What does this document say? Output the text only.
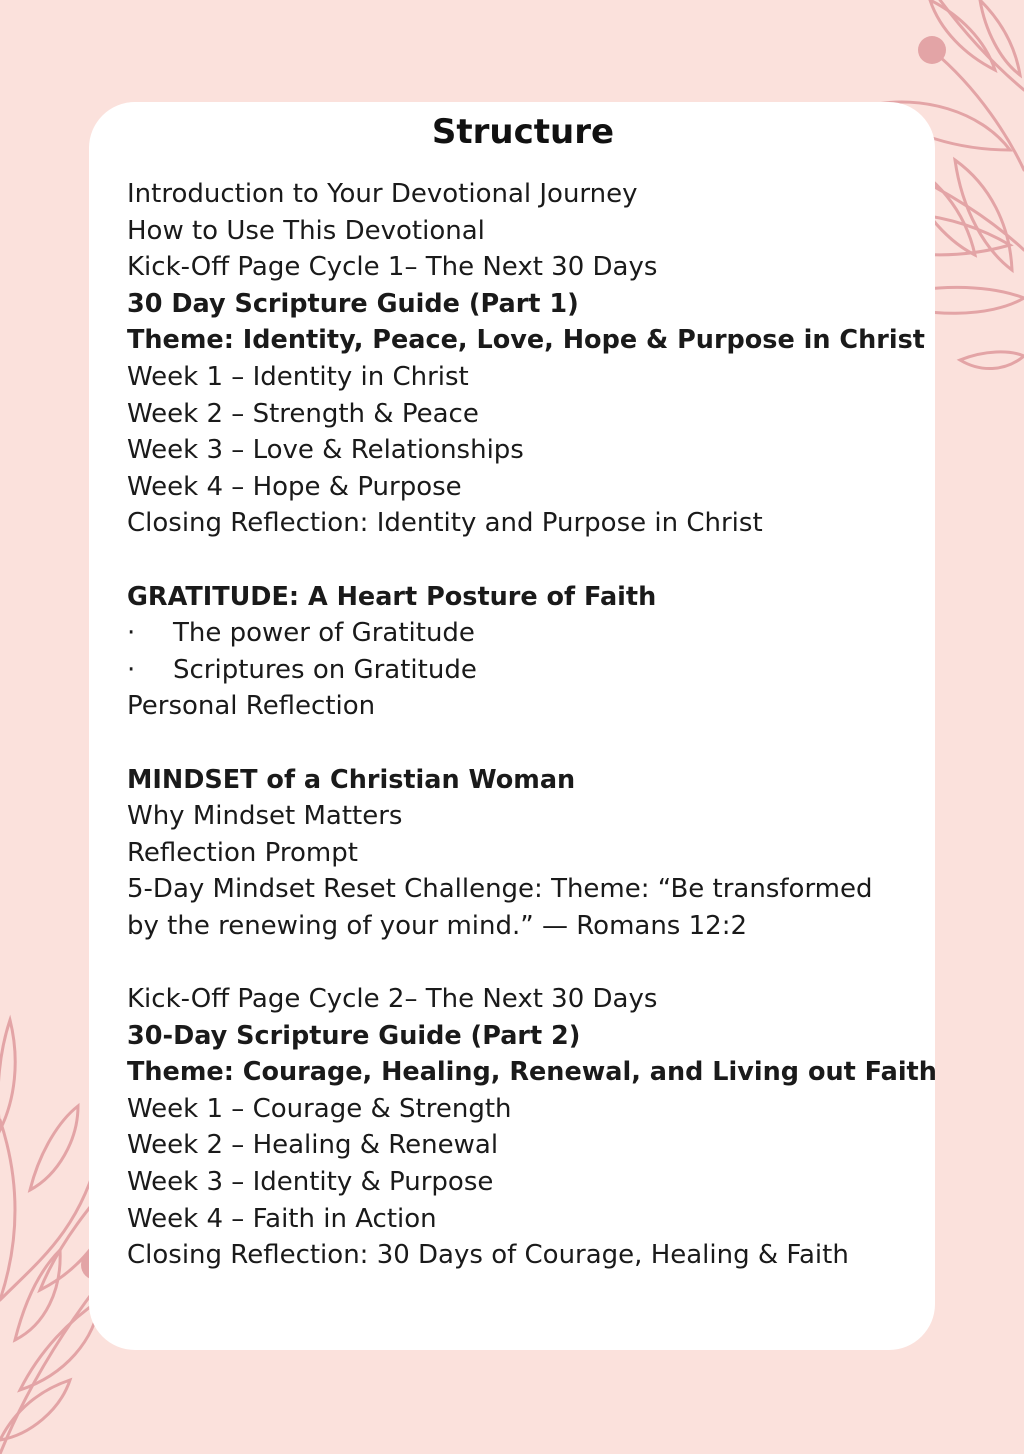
Structure
Introduction to Your Devotional Journey
How to Use This Devotional
Kick-Off Page Cycle 1– The Next 30 Days
30 Day Scripture Guide (Part 1)
Theme: Identity, Peace, Love, Hope & Purpose in Christ
Week 1 – Identity in Christ
Week 2 – Strength & Peace
Week 3 – Love & Relationships
Week 4 – Hope & Purpose
Closing Reflection: Identity and Purpose in Christ
GRATITUDE: A Heart Posture of Faith
· The power of Gratitude
· Scriptures on Gratitude
Personal Reflection
MINDSET of a Christian Woman
Why Mindset Matters
Reflection Prompt
5-Day Mindset Reset Challenge: Theme: “Be transformed by the renewing of your mind.” — Romans 12:2
Kick-Off Page Cycle 2– The Next 30 Days
30-Day Scripture Guide (Part 2)
Theme: Courage, Healing, Renewal, and Living out Faith
Week 1 – Courage & Strength
Week 2 – Healing & Renewal
Week 3 – Identity & Purpose
Week 4 – Faith in Action
Closing Reflection: 30 Days of Courage, Healing & Faith
